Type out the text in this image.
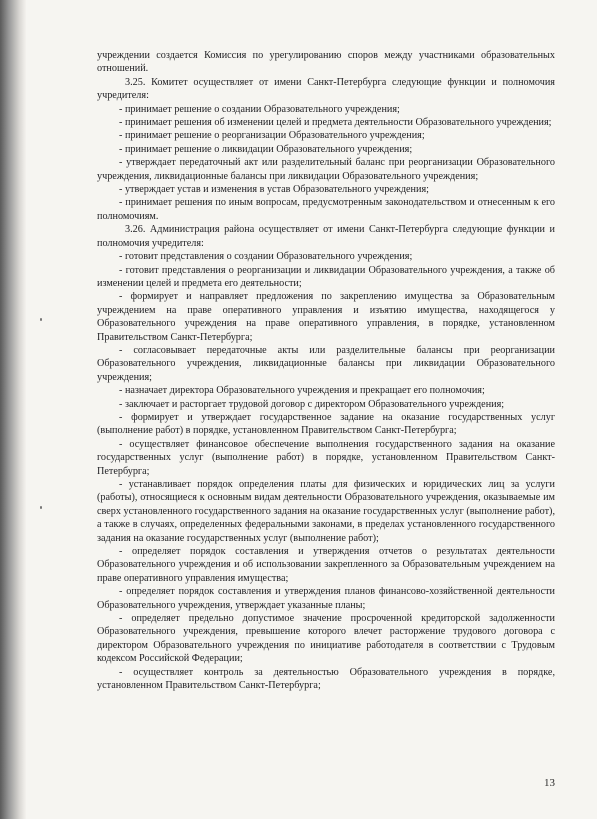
учреждении создается Комиссия по урегулированию споров между участниками образовательных отношений.

3.25. Комитет осуществляет от имени Санкт-Петербурга следующие функции и полномочия учредителя:

- принимает решение о создании Образовательного учреждения;

- принимает решения об изменении целей и предмета деятельности Образовательного учреждения;

- принимает решение о реорганизации Образовательного учреждения;

- принимает решение о ликвидации Образовательного учреждения;

- утверждает передаточный акт или разделительный баланс при реорганизации Образовательного учреждения, ликвидационные балансы при ликвидации Образовательного учреждения;

- утверждает устав и изменения в устав Образовательного учреждения;

- принимает решения по иным вопросам, предусмотренным законодательством и отнесенным к его полномочиям.

3.26. Администрация района осуществляет от имени Санкт-Петербурга следующие функции и полномочия учредителя:

- готовит представления о создании Образовательного учреждения;

- готовит представления о реорганизации и ликвидации Образовательного учреждения, а также об изменении целей и предмета его деятельности;

- формирует и направляет предложения по закреплению имущества за Образовательным учреждением на праве оперативного управления и изъятию имущества, находящегося у Образовательного учреждения на праве оперативного управления, в порядке, установленном Правительством Санкт-Петербурга;

- согласовывает передаточные акты или разделительные балансы при реорганизации Образовательного учреждения, ликвидационные балансы при ликвидации Образовательного учреждения;

- назначает директора Образовательного учреждения и прекращает его полномочия;

- заключает и расторгает трудовой договор с директором Образовательного учреждения;

- формирует и утверждает государственное задание на оказание государственных услуг (выполнение работ) в порядке, установленном Правительством Санкт-Петербурга;

- осуществляет финансовое обеспечение выполнения государственного задания на оказание государственных услуг (выполнение работ) в порядке, установленном Правительством Санкт-Петербурга;

- устанавливает порядок определения платы для физических и юридических лиц за услуги (работы), относящиеся к основным видам деятельности Образовательного учреждения, оказываемые им сверх установленного государственного задания на оказание государственных услуг (выполнение работ), а также в случаях, определенных федеральными законами, в пределах установленного государственного задания на оказание государственных услуг (выполнение работ);

- определяет порядок составления и утверждения отчетов о результатах деятельности Образовательного учреждения и об использовании закрепленного за Образовательным учреждением на праве оперативного управления имущества;

- определяет порядок составления и утверждения планов финансово-хозяйственной деятельности Образовательного учреждения, утверждает указанные планы;

- определяет предельно допустимое значение просроченной кредиторской задолженности Образовательного учреждения, превышение которого влечет расторжение трудового договора с директором Образовательного учреждения по инициативе работодателя в соответствии с Трудовым кодексом Российской Федерации;

- осуществляет контроль за деятельностью Образовательного учреждения в порядке, установленном Правительством Санкт-Петербурга;

13
